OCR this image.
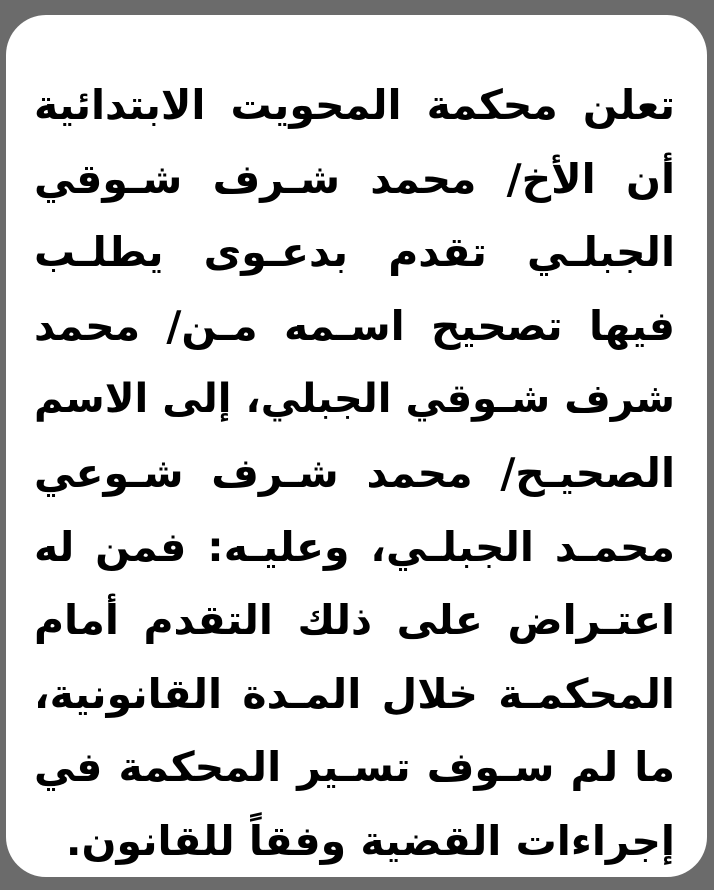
تعلن محكمة المحويت الابتدائية
أن الأخ/ محمد شـرف شـوقي
الجبلـي تقدم بدعـوى يطلـب
فيها تصحيح اسـمه مـن/ محمد
شرف شـوقي الجبلي، إلى الاسم
الصحيـح/ محمد شـرف شـوعي
محمـد الجبلـي، وعليـه: فمن له
اعتـراض على ذلك التقدم أمام
المحكمـة خلال المـدة القانونية،
ما لم سـوف تسـير المحكمة في
إجراءات القضية وفقاً للقانون.
